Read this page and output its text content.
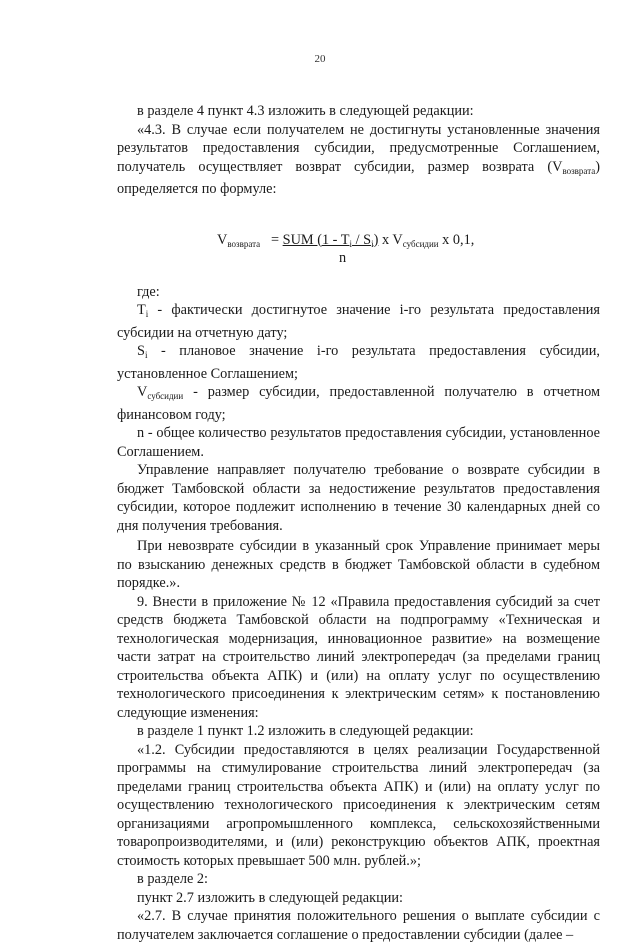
20

в разделе 4 пункт 4.3 изложить в следующей редакции:

«4.3. В случае если получателем не достигнуты установленные значения результатов предоставления субсидии, предусмотренные Соглашением, получатель осуществляет возврат субсидии, размер возврата $(V_{возврата})$ определяется по формуле:

$V_{возврата}$ = SUM $(1 - T_i / S_i)$ x $V_{субсидии}$ x 0,1,
n

где:

$T_i$ - фактически достигнутое значение i-го результата предоставления субсидии на отчетную дату;

$S_i$ - плановое значение i-го результата предоставления субсидии, установленное Соглашением;

$V_{субсидии}$ - размер субсидии, предоставленной получателю в отчетном финансовом году;

n - общее количество результатов предоставления субсидии, установленное Соглашением.

Управление направляет получателю требование о возврате субсидии в бюджет Тамбовской области за недостижение результатов предоставления субсидии, которое подлежит исполнению в течение 30 календарных дней со дня получения требования.

При невозврате субсидии в указанный срок Управление принимает меры по взысканию денежных средств в бюджет Тамбовской области в судебном порядке.».

9. Внести в приложение № 12 «Правила предоставления субсидий за счет средств бюджета Тамбовской области на подпрограмму «Техническая и технологическая модернизация, инновационное развитие» на возмещение части затрат на строительство линий электропередач (за пределами границ строительства объекта АПК) и (или) на оплату услуг по осуществлению технологического присоединения к электрическим сетям» к постановлению следующие изменения:

в разделе 1 пункт 1.2 изложить в следующей редакции:

«1.2. Субсидии предоставляются в целях реализации Государственной программы на стимулирование строительства линий электропередач (за пределами границ строительства объекта АПК) и (или) на оплату услуг по осуществлению технологического присоединения к электрическим сетям организациями агропромышленного комплекса, сельскохозяйственными товаропроизводителями, и (или) реконструкцию объектов АПК, проектная стоимость которых превышает 500 млн. рублей.»;

в разделе 2:

пункт 2.7 изложить в следующей редакции:

«2.7. В случае принятия положительного решения о выплате субсидии с получателем заключается соглашение о предоставлении субсидии (далее –
